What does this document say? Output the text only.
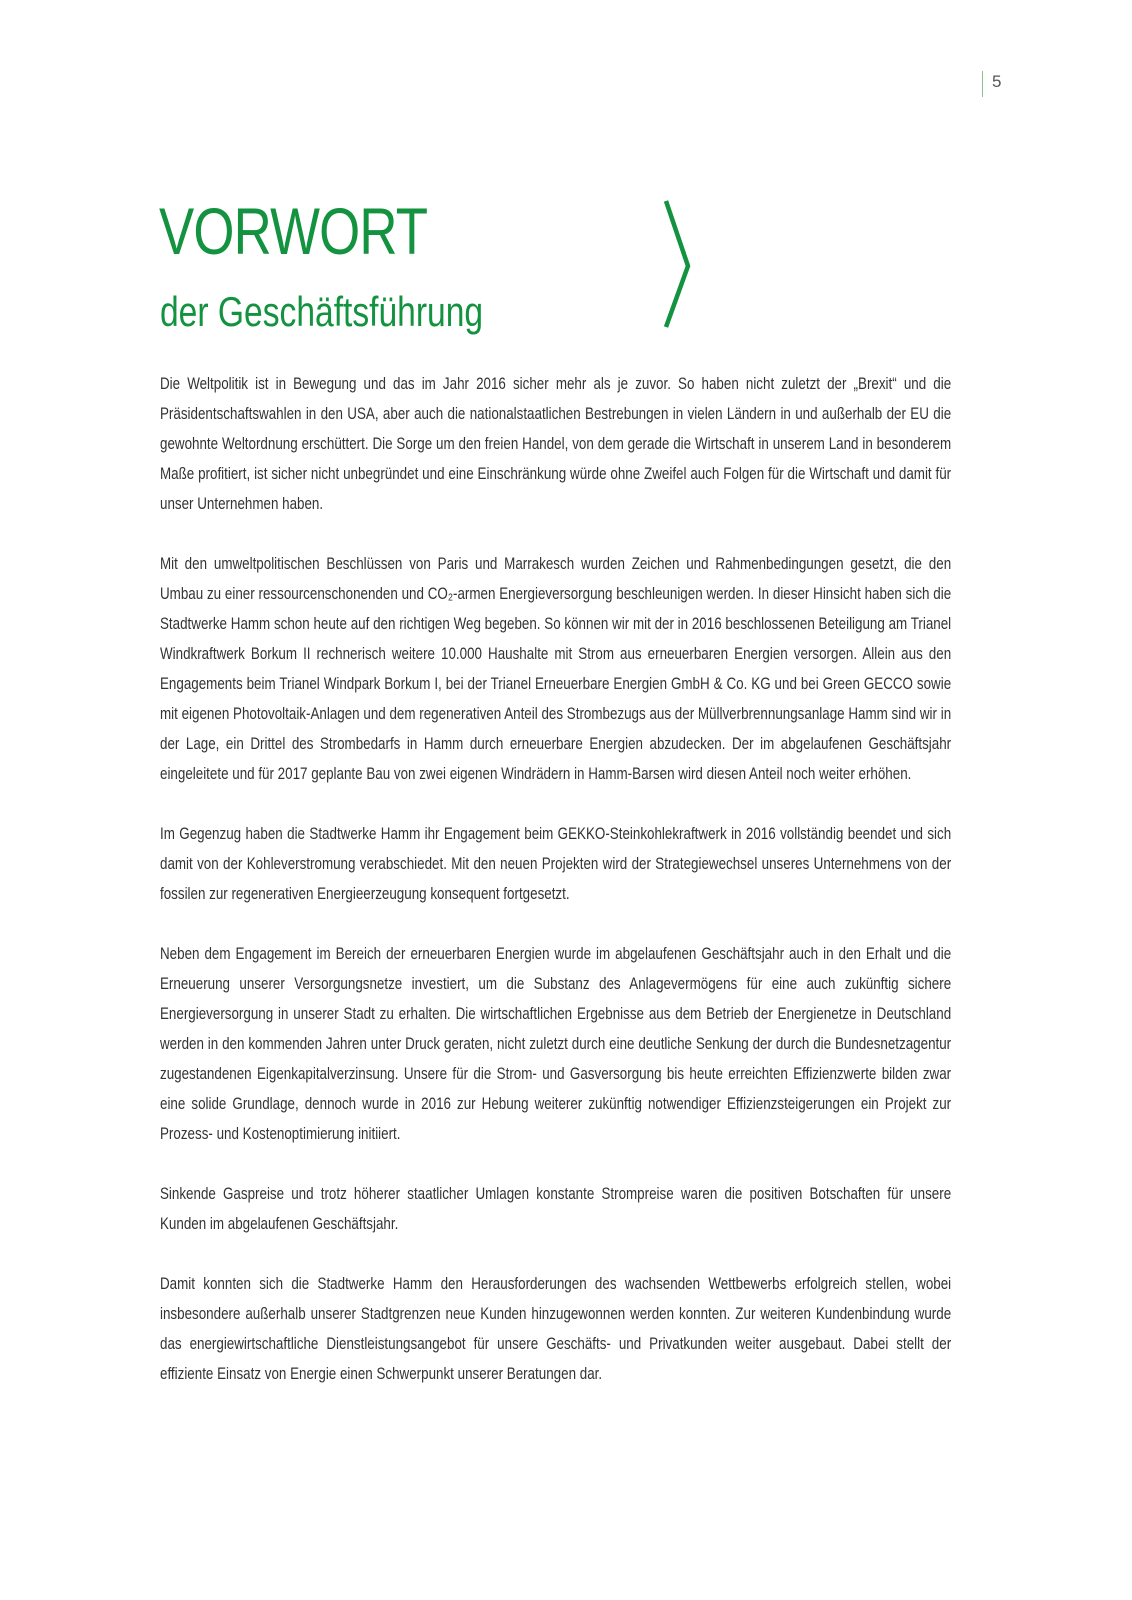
5
VORWORT
der Geschäftsführung

Die Weltpolitik ist in Bewegung und das im Jahr 2016 sicher mehr als je zuvor. So haben nicht zuletzt der „Brexit“ und die Präsidentschaftswahlen in den USA, aber auch die nationalstaatlichen Bestrebungen in vielen Ländern in und außerhalb der EU die gewohnte Weltordnung erschüttert. Die Sorge um den freien Handel, von dem gerade die Wirtschaft in unserem Land in besonderem Maße profitiert, ist sicher nicht unbegründet und eine Einschränkung würde ohne Zweifel auch Folgen für die Wirtschaft und damit für unser Unternehmen haben.

Mit den umweltpolitischen Beschlüssen von Paris und Marrakesch wurden Zeichen und Rahmenbedingungen gesetzt, die den Umbau zu einer ressourcenschonenden und CO₂-armen Energieversorgung beschleunigen werden. In dieser Hinsicht haben sich die Stadtwerke Hamm schon heute auf den richtigen Weg begeben. So können wir mit der in 2016 beschlossenen Beteiligung am Trianel Windkraftwerk Borkum II rechnerisch weitere 10.000 Haushalte mit Strom aus erneuerbaren Energien versorgen. Allein aus den Engagements beim Trianel Windpark Borkum I, bei der Trianel Erneuerbare Energien GmbH & Co. KG und bei Green GECCO sowie mit eigenen Photovoltaik-Anlagen und dem regenerativen Anteil des Strombezugs aus der Müllverbrennungsanlage Hamm sind wir in der Lage, ein Drittel des Strombedarfs in Hamm durch erneuerbare Energien abzudecken. Der im abgelaufenen Geschäftsjahr eingeleitete und für 2017 geplante Bau von zwei eigenen Windrädern in Hamm-Barsen wird diesen Anteil noch weiter erhöhen.

Im Gegenzug haben die Stadtwerke Hamm ihr Engagement beim GEKKO-Steinkohlekraftwerk in 2016 vollständig beendet und sich damit von der Kohleverstromung verabschiedet. Mit den neuen Projekten wird der Strategiewechsel unseres Unternehmens von der fossilen zur regenerativen Energieerzeugung konsequent fortgesetzt.

Neben dem Engagement im Bereich der erneuerbaren Energien wurde im abgelaufenen Geschäftsjahr auch in den Erhalt und die Erneuerung unserer Versorgungsnetze investiert, um die Substanz des Anlagevermögens für eine auch zukünftig sichere Energieversorgung in unserer Stadt zu erhalten. Die wirtschaftlichen Ergebnisse aus dem Betrieb der Energienetze in Deutschland werden in den kommenden Jahren unter Druck geraten, nicht zuletzt durch eine deutliche Senkung der durch die Bundesnetzagentur zugestandenen Eigenkapitalverzinsung. Unsere für die Strom- und Gasversorgung bis heute erreichten Effizienzwerte bilden zwar eine solide Grundlage, dennoch wurde in 2016 zur Hebung weiterer zukünftig notwendiger Effizienzsteigerungen ein Projekt zur Prozess- und Kostenoptimierung initiiert.

Sinkende Gaspreise und trotz höherer staatlicher Umlagen konstante Strompreise waren die positiven Botschaften für unsere Kunden im abgelaufenen Geschäftsjahr.

Damit konnten sich die Stadtwerke Hamm den Herausforderungen des wachsenden Wettbewerbs erfolgreich stellen, wobei insbesondere außerhalb unserer Stadtgrenzen neue Kunden hinzugewonnen werden konnten. Zur weiteren Kundenbindung wurde das energiewirtschaftliche Dienstleistungsangebot für unsere Geschäfts- und Privatkunden weiter ausgebaut. Dabei stellt der effiziente Einsatz von Energie einen Schwerpunkt unserer Beratungen dar.
